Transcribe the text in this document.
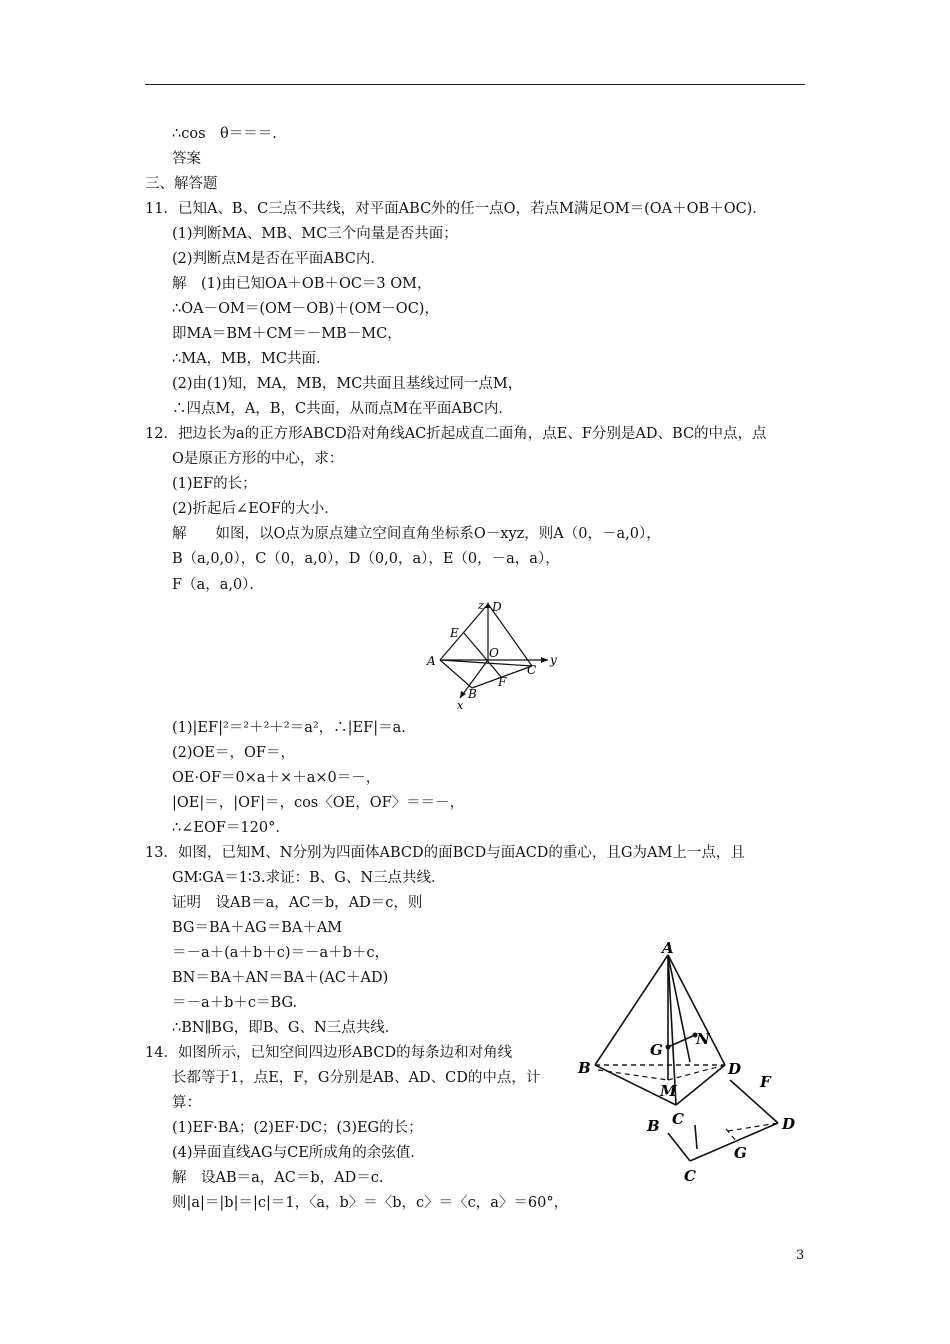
∴cos　θ＝＝＝.
答案
三、解答题
11．已知A、B、C三点不共线，对平面ABC外的任一点O，若点M满足OM＝(OA＋OB＋OC)．
(1)判断MA、MB、MC三个向量是否共面；
(2)判断点M是否在平面ABC内．
解　(1)由已知OA＋OB＋OC＝3 OM，
∴OA－OM＝(OM－OB)＋(OM－OC)，
即MA＝BM＋CM＝－MB－MC，
∴MA，MB，MC共面．
(2)由(1)知，MA，MB，MC共面且基线过同一点M，
∴四点M，A，B，C共面，从而点M在平面ABC内．
12．把边长为a的正方形ABCD沿对角线AC折起成直二面角，点E、F分别是AD、BC的中点，点
O是原正方形的中心，求：
(1)EF的长；
(2)折起后∠EOF的大小．
解　　如图，以O点为原点建立空间直角坐标系O－xyz，则A（0，－a,0），
B（a,0,0），C（0，a,0），D（0,0，a），E（0，－a，a），
F（a，a,0）．
z D
E
A
O	y
C
F
B
x
(1)|EF|²＝²＋²＋²＝a²，∴|EF|＝a.
(2)OE＝，OF＝，
OE·OF＝0×a＋×＋a×0＝－，
|OE|＝，|OF|＝，cos〈OE，OF〉＝＝－，
∴∠EOF＝120°．
13．如图，已知M、N分别为四面体ABCD的面BCD与面ACD的重心，且G为AM上一点，且
GM∶GA＝1∶3.求证：B、G、N三点共线．
证明　设AB＝a，AC＝b，AD＝c，则
BG＝BA＋AG＝BA＋AM
＝－a＋(a＋b＋c)＝－a＋b＋c，
BN＝BA＋AN＝BA＋(AC＋AD)
＝－a＋b＋c＝BG.
∴BN∥BG，即B、G、N三点共线．
14．如图所示，已知空间四边形ABCD的每条边和对角线
长都等于1，点E，F，G分别是AB、AD、CD的中点，计
算：
(1)EF·BA；(2)EF·DC；(3)EG的长；
(4)异面直线AG与CE所成角的余弦值．
解　设AB＝a，AC＝b，AD＝c.
则|a|＝|b|＝|c|＝1，〈a，b〉＝〈b，c〉＝〈c，a〉＝60°，
A
B
C
D
G
N
M	F
B	D
G
C
3
